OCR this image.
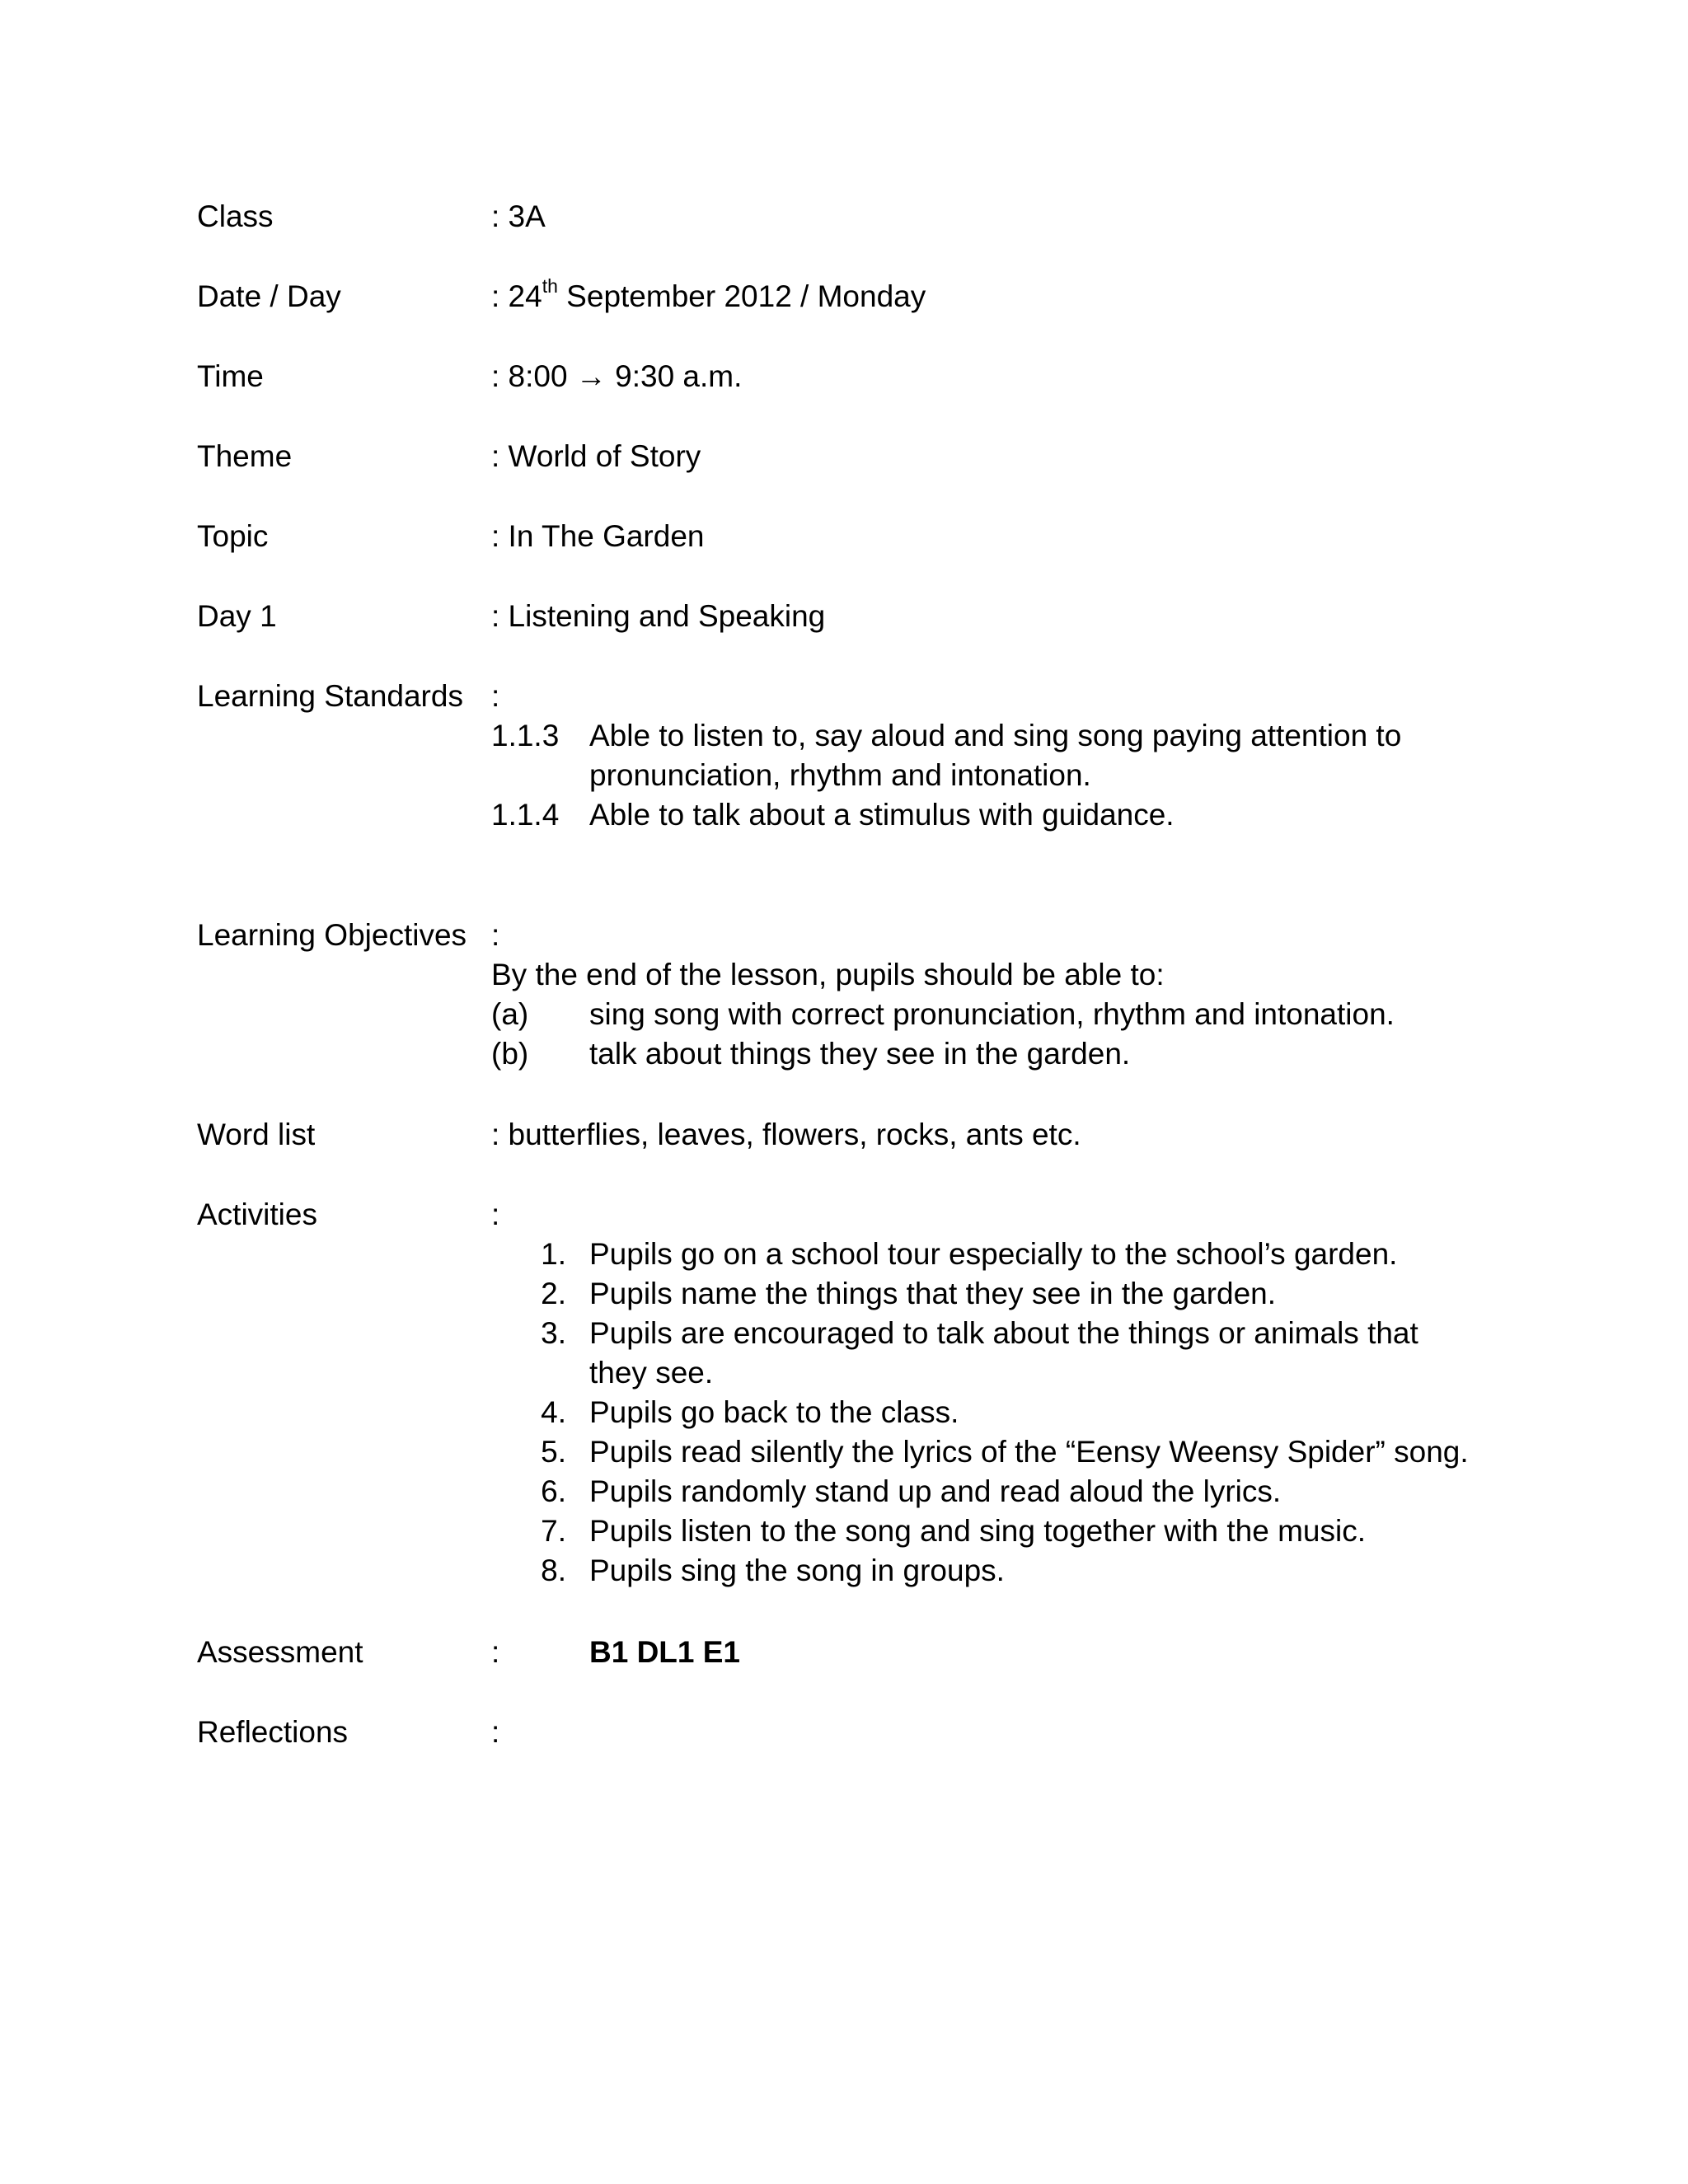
Class	: 3A
Date / Day	: 24th September 2012 / Monday
Time	: 8:00 → 9:30 a.m.
Theme	: World of Story
Topic	: In The Garden
Day 1	: Listening and Speaking
Learning Standards :
1.1.3 Able to listen to, say aloud and sing song paying attention to
pronunciation, rhythm and intonation.
1.1.4 Able to talk about a stimulus with guidance.
Learning Objectives :
By the end of the lesson, pupils should be able to:
(a) sing song with correct pronunciation, rhythm and intonation.
(b) talk about things they see in the garden.
Word list	: butterflies, leaves, flowers, rocks, ants etc.
Activities	:
1. Pupils go on a school tour especially to the school’s garden.
2. Pupils name the things that they see in the garden.
3. Pupils are encouraged to talk about the things or animals that
they see.
4. Pupils go back to the class.
5. Pupils read silently the lyrics of the “Eensy Weensy Spider” song.
6. Pupils randomly stand up and read aloud the lyrics.
7. Pupils listen to the song and sing together with the music.
8. Pupils sing the song in groups.
Assessment	:	B1 DL1 E1
Reflections	:
